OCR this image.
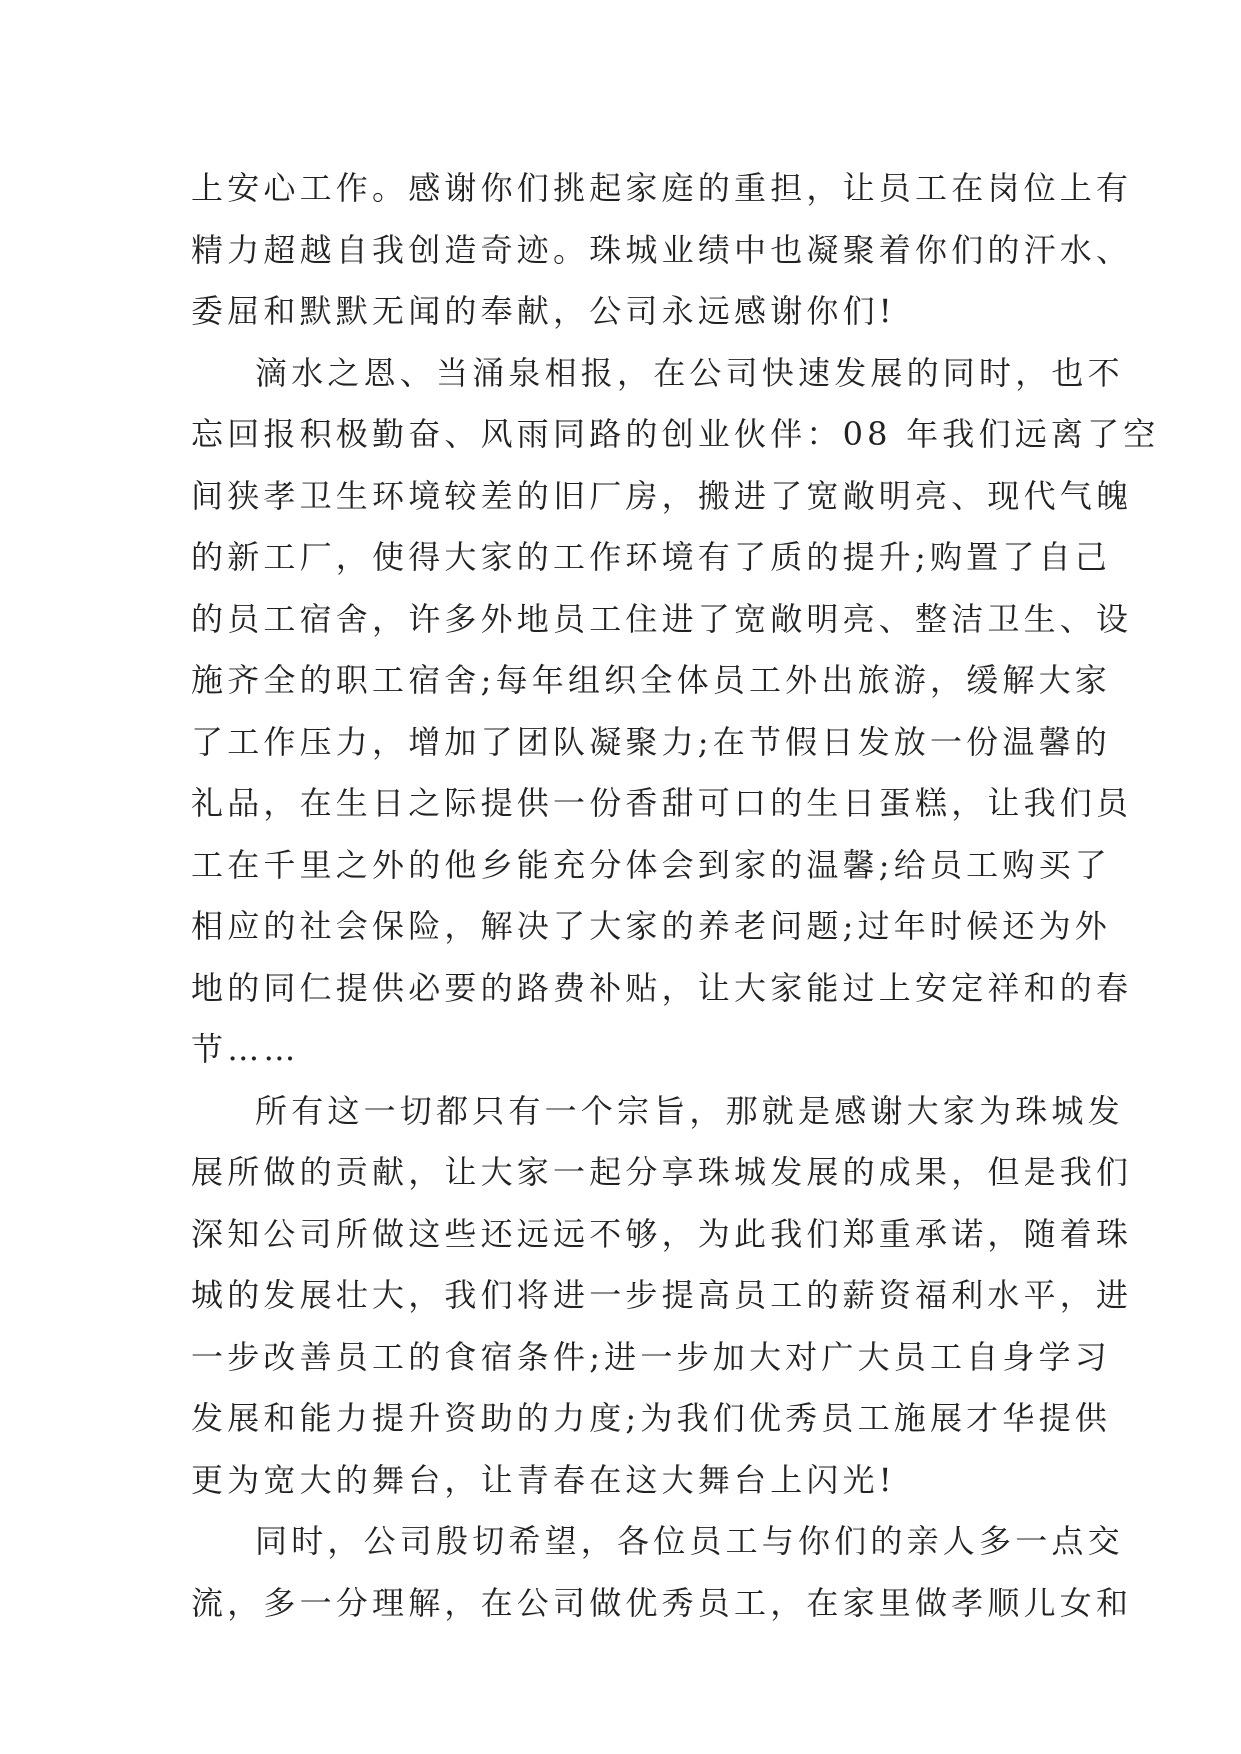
上安心工作。感谢你们挑起家庭的重担，让员工在岗位上有
精力超越自我创造奇迹。珠城业绩中也凝聚着你们的汗水、
委屈和默默无闻的奉献，公司永远感谢你们!
滴水之恩、当涌泉相报，在公司快速发展的同时，也不
忘回报积极勤奋、风雨同路的创业伙伴：08 年我们远离了空
间狭孝卫生环境较差的旧厂房，搬进了宽敞明亮、现代气魄
的新工厂，使得大家的工作环境有了质的提升;购置了自己
的员工宿舍，许多外地员工住进了宽敞明亮、整洁卫生、设
施齐全的职工宿舍;每年组织全体员工外出旅游，缓解大家
了工作压力，增加了团队凝聚力;在节假日发放一份温馨的
礼品，在生日之际提供一份香甜可口的生日蛋糕，让我们员
工在千里之外的他乡能充分体会到家的温馨;给员工购买了
相应的社会保险，解决了大家的养老问题;过年时候还为外
地的同仁提供必要的路费补贴，让大家能过上安定祥和的春
节……
所有这一切都只有一个宗旨，那就是感谢大家为珠城发
展所做的贡献，让大家一起分享珠城发展的成果，但是我们
深知公司所做这些还远远不够，为此我们郑重承诺，随着珠
城的发展壮大，我们将进一步提高员工的薪资福利水平，进
一步改善员工的食宿条件;进一步加大对广大员工自身学习
发展和能力提升资助的力度;为我们优秀员工施展才华提供
更为宽大的舞台，让青春在这大舞台上闪光!
同时，公司殷切希望，各位员工与你们的亲人多一点交
流，多一分理解，在公司做优秀员工，在家里做孝顺儿女和
